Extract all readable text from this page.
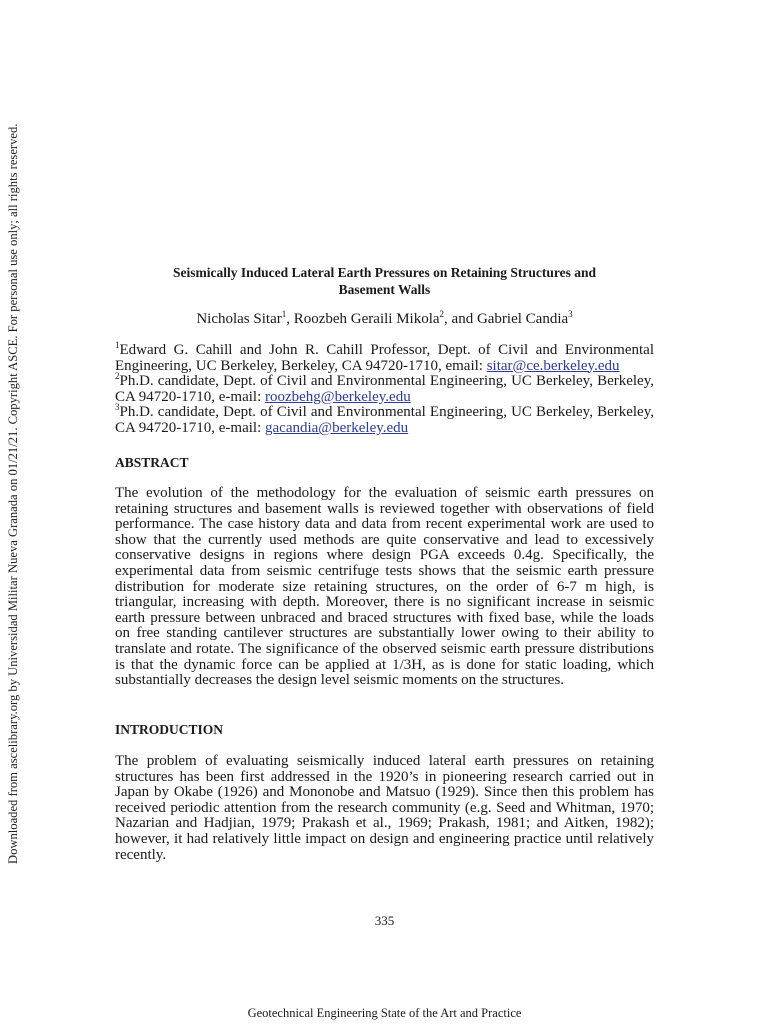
Downloaded from ascelibrary.org by Universidad Militar Nueva Granada on 01/21/21. Copyright ASCE. For personal use only; all rights reserved.	Seismically Induced Lateral Earth Pressures on Retaining Structures and
Basement Walls
Nicholas Sitar$^1$, Roozbeh Geraili Mikola$^2$, and Gabriel Candia$^3$

$^1$Edward G. Cahill and John R. Cahill Professor, Dept. of Civil and Environmental Engineering, UC Berkeley, Berkeley, CA 94720-1710, email: sitar@ce.berkeley.edu

$^2$Ph.D. candidate, Dept. of Civil and Environmental Engineering, UC Berkeley, Berkeley, CA 94720-1710, e-mail: roozbehg@berkeley.edu

$^3$Ph.D. candidate, Dept. of Civil and Environmental Engineering, UC Berkeley, Berkeley, CA 94720-1710, e-mail: gacandia@berkeley.edu

ABSTRACT

The evolution of the methodology for the evaluation of seismic earth pressures on retaining structures and basement walls is reviewed together with observations of field performance. The case history data and data from recent experimental work are used to show that the currently used methods are quite conservative and lead to excessively conservative designs in regions where design PGA exceeds 0.4g. Specifically, the experimental data from seismic centrifuge tests shows that the seismic earth pressure distribution for moderate size retaining structures, on the order of 6-7 m high, is triangular, increasing with depth. Moreover, there is no significant increase in seismic earth pressure between unbraced and braced structures with fixed base, while the loads on free standing cantilever structures are substantially lower owing to their ability to translate and rotate. The significance of the observed seismic earth pressure distributions is that the dynamic force can be applied at 1/3H, as is done for static loading, which substantially decreases the design level seismic moments on the structures.

INTRODUCTION

The problem of evaluating seismically induced lateral earth pressures on retaining structures has been first addressed in the 1920’s in pioneering research carried out in Japan by Okabe (1926) and Mononobe and Matsuo (1929). Since then this problem has received periodic attention from the research community (e.g. Seed and Whitman, 1970; Nazarian and Hadjian, 1979; Prakash et al., 1969; Prakash, 1981; and Aitken, 1982); however, it had relatively little impact on design and engineering practice until relatively recently.

335
Geotechnical Engineering State of the Art and Practice
